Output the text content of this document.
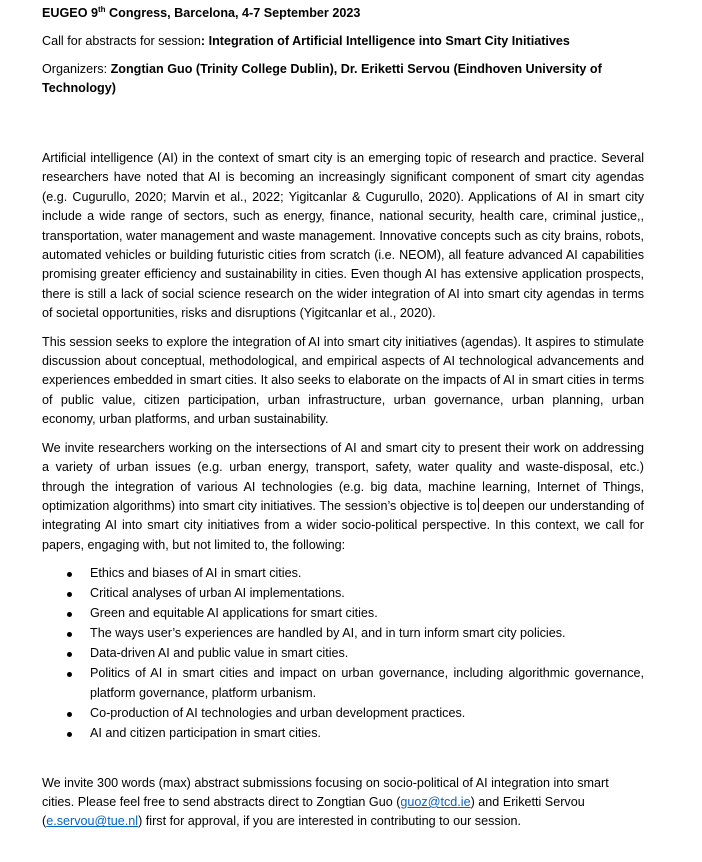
EUGEO 9th Congress, Barcelona, 4-7 September 2023
Call for abstracts for session: Integration of Artificial Intelligence into Smart City Initiatives
Organizers: Zongtian Guo (Trinity College Dublin), Dr. Eriketti Servou (Eindhoven University of Technology)

Artificial intelligence (AI) in the context of smart city is an emerging topic of research and practice. Several researchers have noted that AI is becoming an increasingly significant component of smart city agendas (e.g. Cugurullo, 2020; Marvin et al., 2022; Yigitcanlar & Cugurullo, 2020). Applications of AI in smart city include a wide range of sectors, such as energy, finance, national security, health care, criminal justice,, transportation, water management and waste management. Innovative concepts such as city brains, robots, automated vehicles or building futuristic cities from scratch (i.e. NEOM), all feature advanced AI capabilities promising greater efficiency and sustainability in cities. Even though AI has extensive application prospects, there is still a lack of social science research on the wider integration of AI into smart city agendas in terms of societal opportunities, risks and disruptions (Yigitcanlar et al., 2020).

This session seeks to explore the integration of AI into smart city initiatives (agendas). It aspires to stimulate discussion about conceptual, methodological, and empirical aspects of AI technological advancements and experiences embedded in smart cities. It also seeks to elaborate on the impacts of AI in smart cities in terms of public value, citizen participation, urban infrastructure, urban governance, urban planning, urban economy, urban platforms, and urban sustainability.

We invite researchers working on the intersections of AI and smart city to present their work on addressing a variety of urban issues (e.g. urban energy, transport, safety, water quality and waste-disposal, etc.) through the integration of various AI technologies (e.g. big data, machine learning, Internet of Things, optimization algorithms) into smart city initiatives. The session’s objective is to deepen our understanding of integrating AI into smart city initiatives from a wider socio-political perspective. In this context, we call for papers, engaging with, but not limited to, the following:

Ethics and biases of AI in smart cities.
Critical analyses of urban AI implementations.
Green and equitable AI applications for smart cities.
The ways user’s experiences are handled by AI, and in turn inform smart city policies.
Data-driven AI and public value in smart cities.
Politics of AI in smart cities and impact on urban governance, including algorithmic governance, platform governance, platform urbanism.
Co-production of AI technologies and urban development practices.
AI and citizen participation in smart cities.

We invite 300 words (max) abstract submissions focusing on socio-political of AI integration into smart cities. Please feel free to send abstracts direct to Zongtian Guo (guoz@tcd.ie) and Eriketti Servou (e.servou@tue.nl) first for approval, if you are interested in contributing to our session.
